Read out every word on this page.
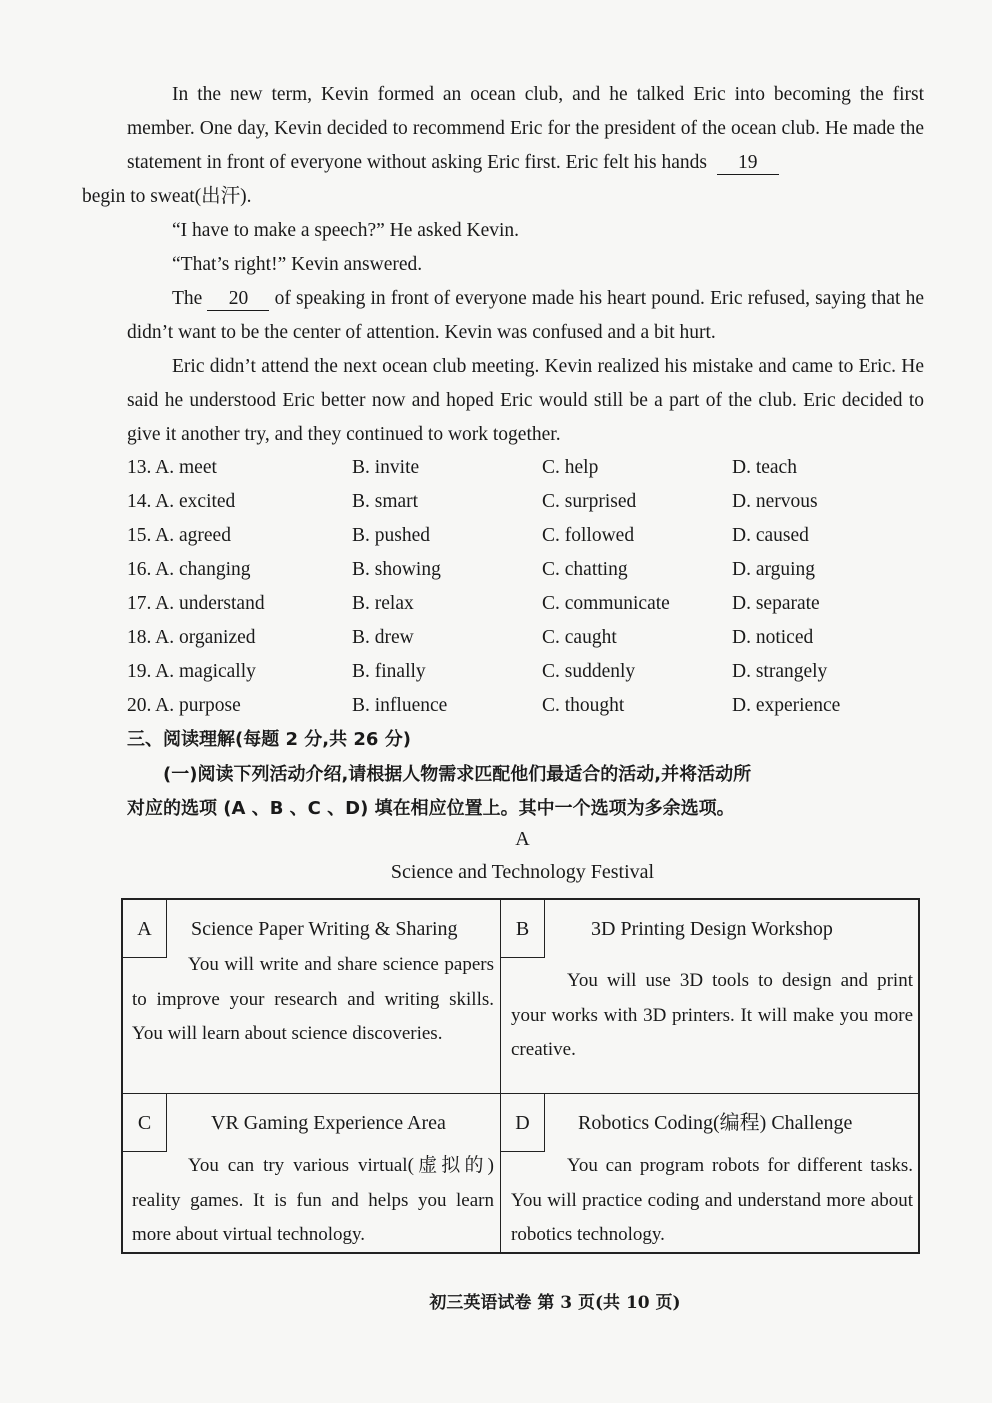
In the new term, Kevin formed an ocean club, and he talked Eric into becoming the first member. One day, Kevin decided to recommend Eric for the president of the ocean club. He made the statement in front of everyone without asking Eric first. Eric felt his hands 19
begin to sweat(出汗).

“I have to make a speech?” He asked Kevin.

“That’s right!” Kevin answered.

The 20 of speaking in front of everyone made his heart pound. Eric refused, saying that he didn’t want to be the center of attention. Kevin was confused and a bit hurt.

Eric didn’t attend the next ocean club meeting. Kevin realized his mistake and came to Eric. He said he understood Eric better now and hoped Eric would still be a part of the club. Eric decided to give it another try, and they continued to work together.

13. A. meet	B. invite	C. help	D. teach
14. A. excited	B. smart	C. surprised	D. nervous
15. A. agreed	B. pushed	C. followed	D. caused
16. A. changing	B. showing	C. chatting	D. arguing
17. A. understand	B. relax	C. communicate	D. separate
18. A. organized	B. drew	C. caught	D. noticed
19. A. magically	B. finally	C. suddenly	D. strangely
20. A. purpose	B. influence	C. thought	D. experience
三、阅读理解(每题 2 分,共 26 分)

(一)阅读下列活动介绍,请根据人物需求匹配他们最适合的活动,并将活动所

对应的选项 (A 、B 、C 、D) 填在相应位置上。其中一个选项为多余选项。

A
Science and Technology Festival
A	Science Paper Writing & Sharing
You will write and share science papers to improve your research and writing skills. You will learn about science discoveries.
B	3D Printing Design Workshop
You will use 3D tools to design and print your works with 3D printers. It will make you more creative.
C	VR Gaming Experience Area
You can try various virtual(虚拟的) reality games. It is fun and helps you learn more about virtual technology.
D	Robotics Coding(编程) Challenge
You can program robots for different tasks. You will practice coding and understand more about robotics technology.
初三英语试卷 第 3 页(共 10 页)
